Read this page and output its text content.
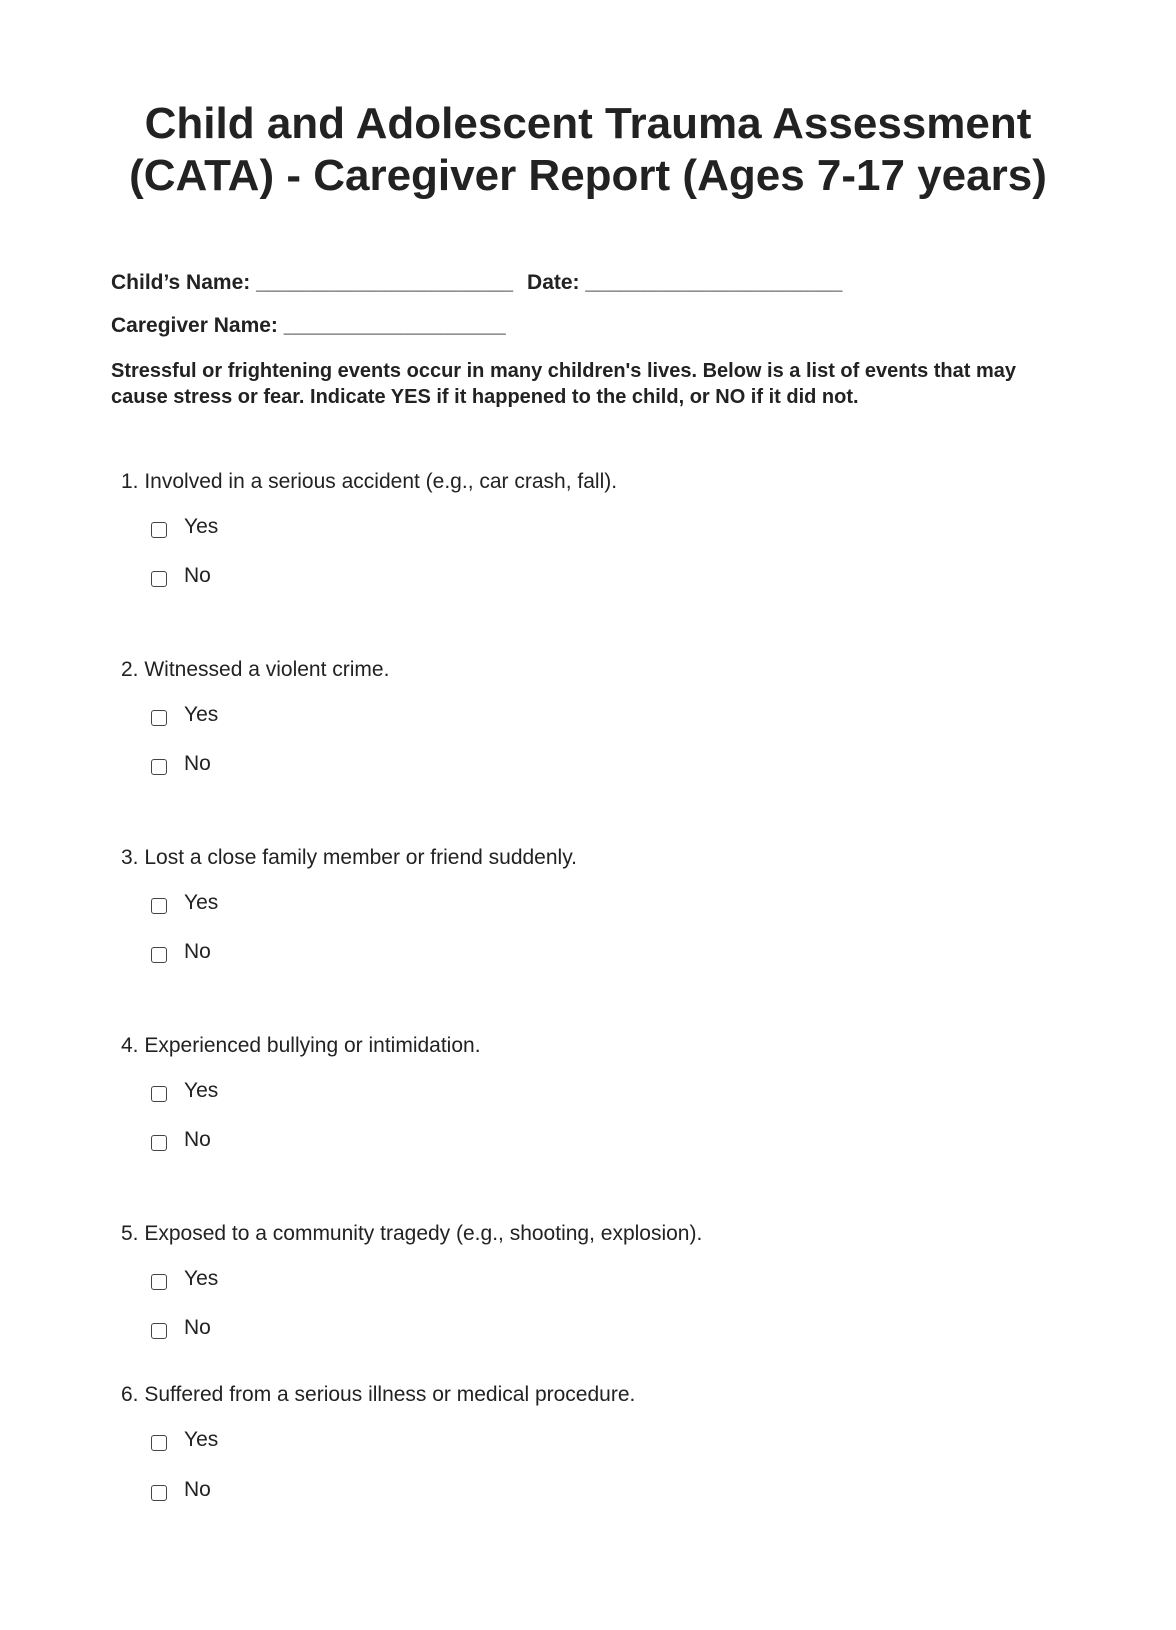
Child and Adolescent Trauma Assessment
(CATA) - Caregiver Report (Ages 7-17 years)
Child’s Name: ______________________ Date: ______________________
Caregiver Name: ___________________

Stressful or frightening events occur in many children's lives. Below is a list of events that may cause stress or fear. Indicate YES if it happened to the child, or NO if it did not.

1. Involved in a serious accident (e.g., car crash, fall).
Yes
No
2. Witnessed a violent crime.
Yes
No
3. Lost a close family member or friend suddenly.
Yes
No
4. Experienced bullying or intimidation.
Yes
No
5. Exposed to a community tragedy (e.g., shooting, explosion).
Yes
No
6. Suffered from a serious illness or medical procedure.
Yes
No
